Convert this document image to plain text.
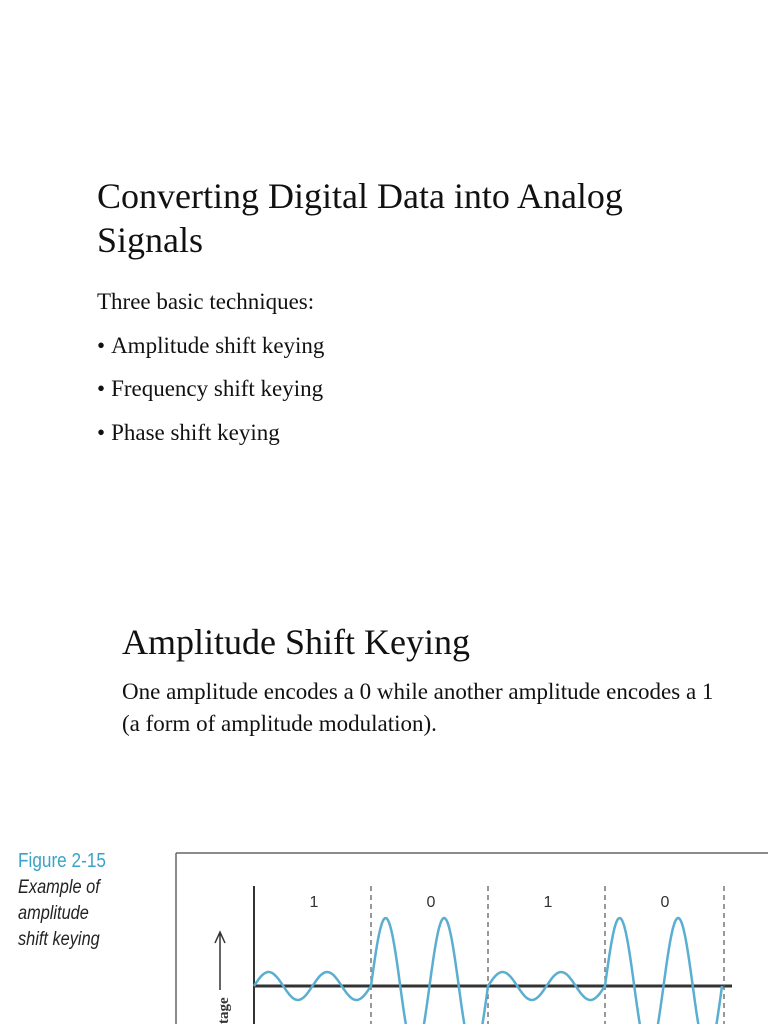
Converting Digital Data into Analog Signals
Three basic techniques:
• Amplitude shift keying
• Frequency shift keying
• Phase shift keying
Amplitude Shift Keying
One amplitude encodes a 0 while another amplitude encodes a 1 (a form of amplitude modulation).
Figure 2-15
Example of amplitude
shift keying
1	0	1	0
tage
